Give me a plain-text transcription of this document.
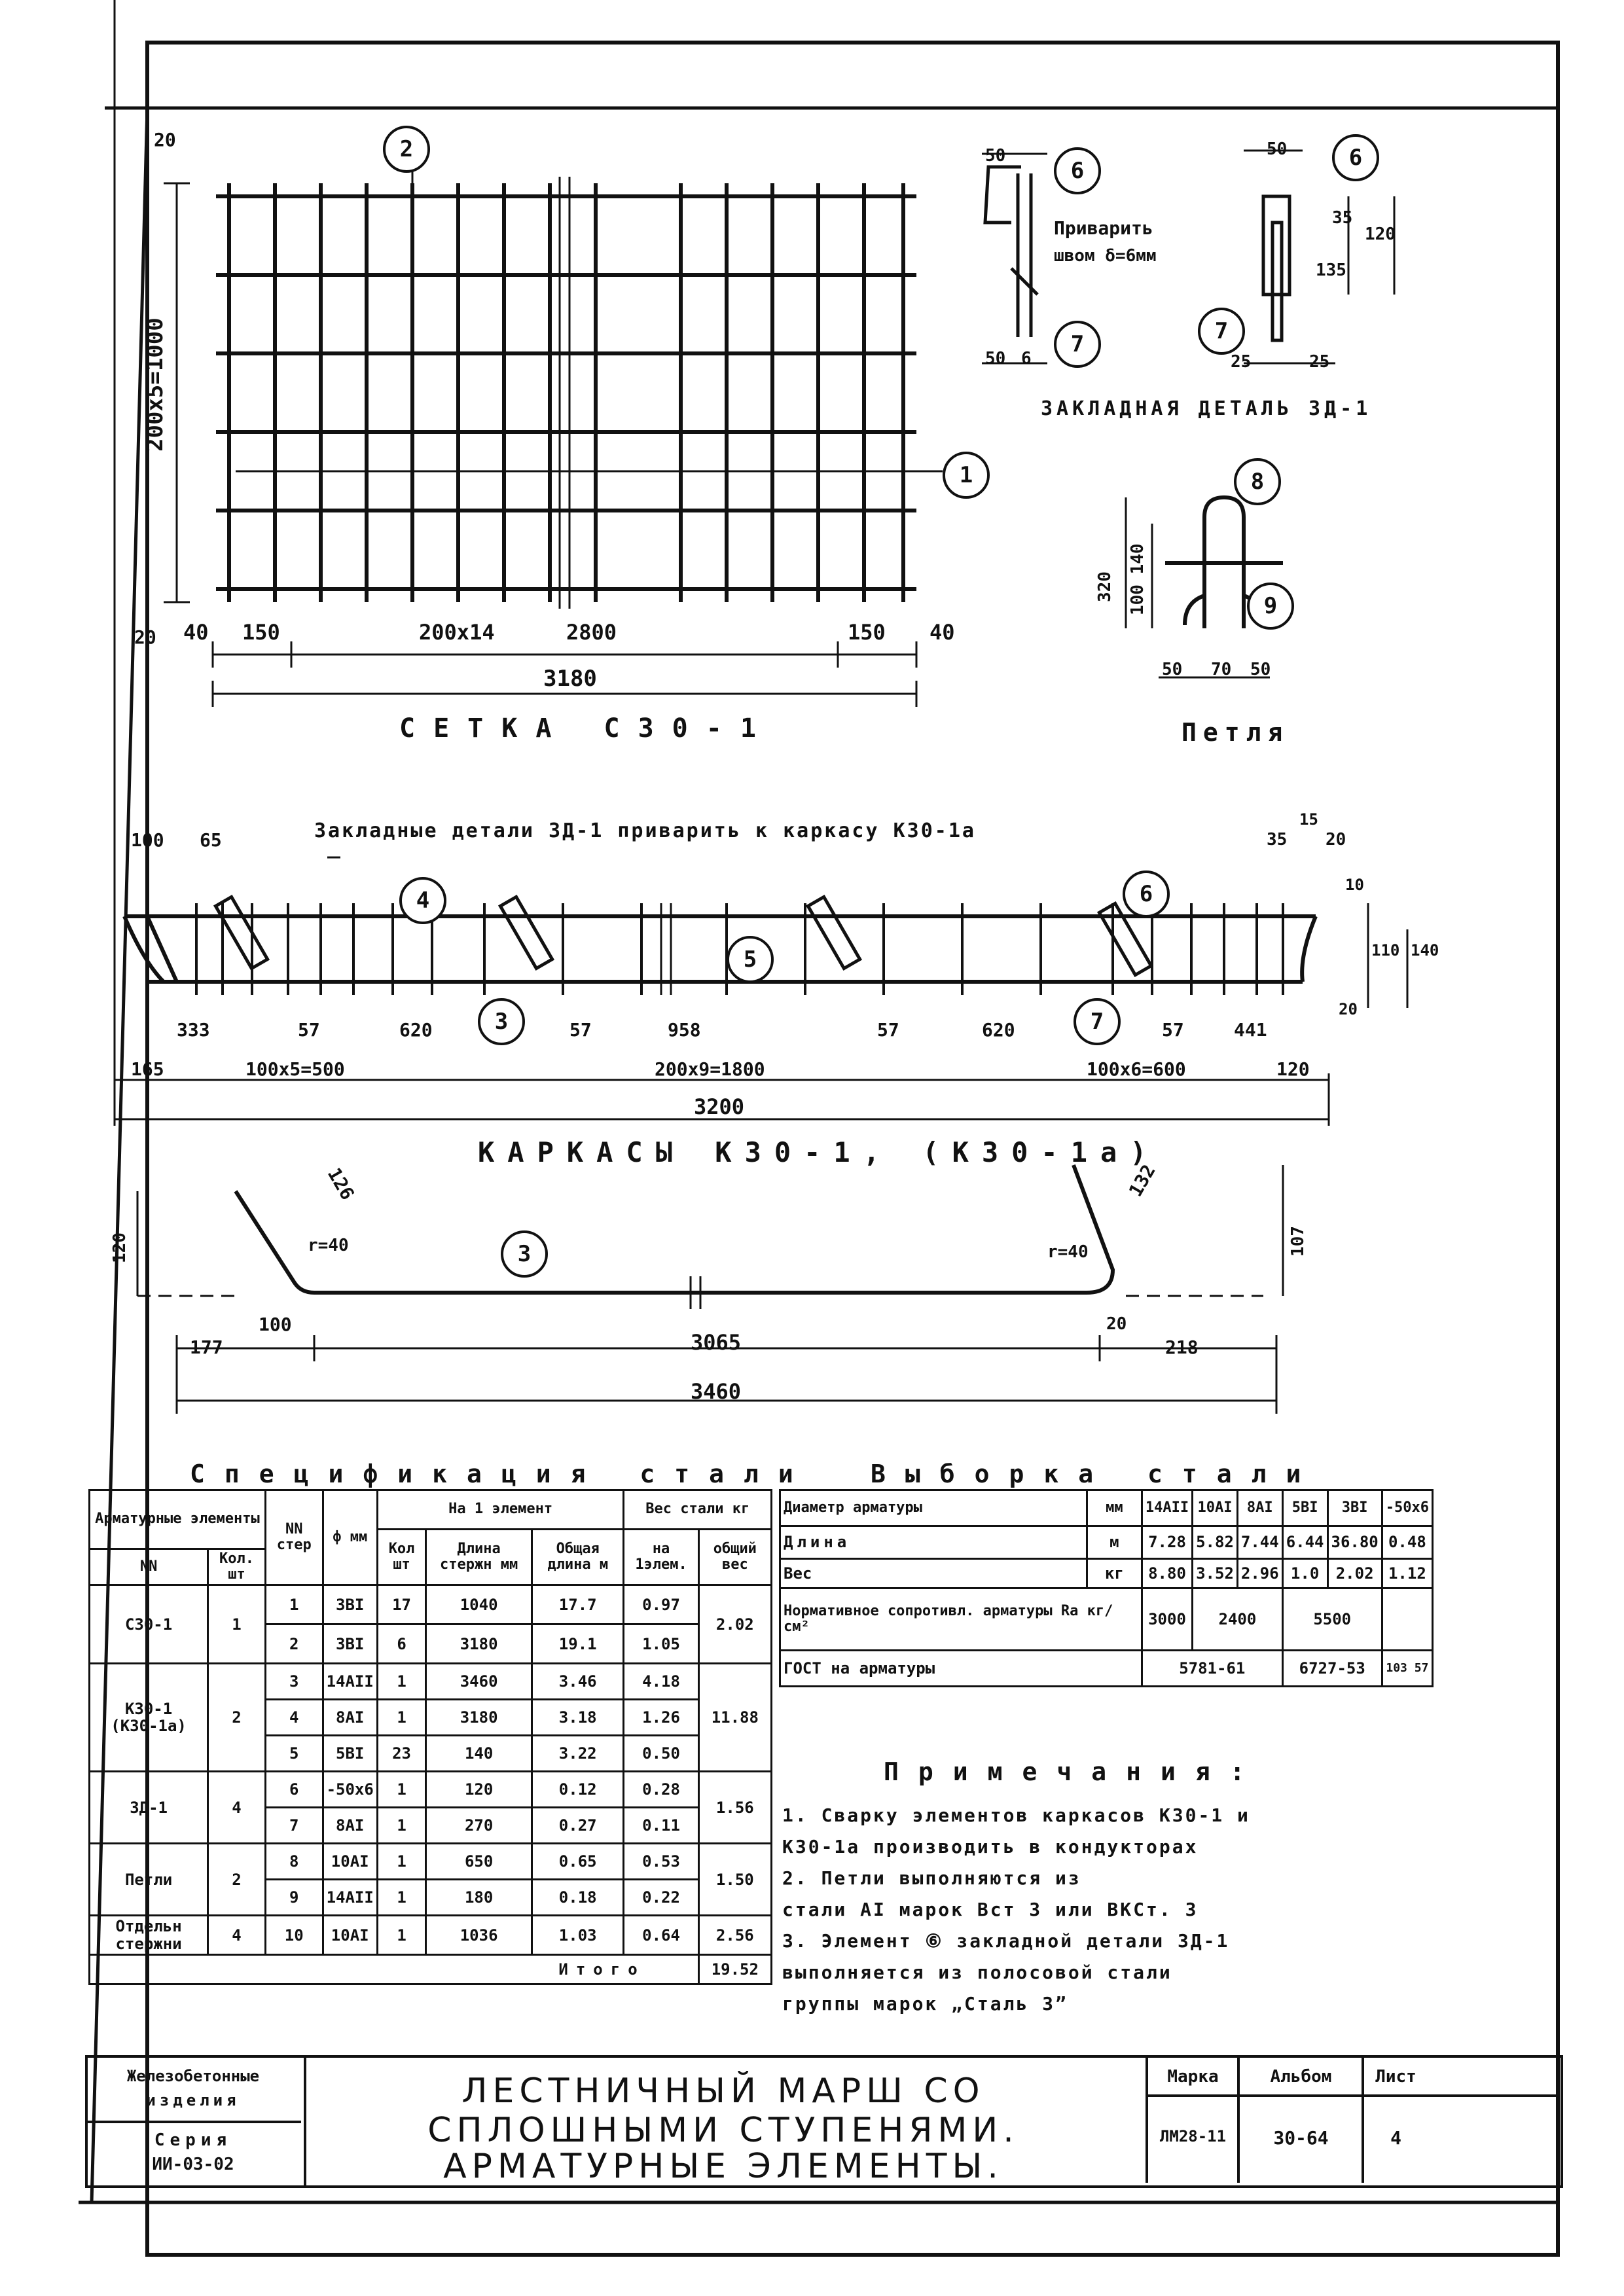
2
1
200х5=1000
20
20
40 150	200х14	2800	150 40
3180
СЕТКА С30-1
50
6
Приварить
швом δ=6мм
7
50 6
50	6
35
135
120
7
25	25
ЗАКЛАДНАЯ ДЕТАЛЬ ЗД-1
8
9
320 100 140
50 70 50
Петля
Закладные детали ЗД-1 приварить к каркасу К30-1а
100 65
15
35 20
10
110 140
20
4
5
6
3	7
333	57	620	57	958	57	620	57	441
165	100х5=500	200х9=1800	100х6=600	120
3200
КАРКАСЫ К30-1, (К30-1а)
3
126
r=40
132
r=40
120	107
100
177	3065
20
218
3460
Спецификация стали
Арматурные элементы		NN стер	ф мм	На 1 элемент			Вес стали кг	
				Кол шт	Длина стержн мм	Общая длина м	на 1элем.	общий вес
NN	Кол. шт							
С30-1	1	1	3ВI	17	1040	17.7	0.97	2.02
		2	3ВI	6	3180	19.1	1.05	
К30-1
(К30-1а)	2	3	14АII	1	3460	3.46	4.18	11.88
		4	8АI	1	3180	3.18	1.26	
		5	5ВI	23	140	3.22	0.50	
ЗД-1	4	6	-50х6	1	120	0.12	0.28	1.56
		7	8АI	1	270	0.27	0.11	
Петли	2	8	10АI	1	650	0.65	0.53	1.50
		9	14АII	1	180	0.18	0.22	
Отдельн стержни	4	10	10АI	1	1036	1.03	0.64	2.56
Итого								19.52
Выборка стали
Диаметр арматуры	мм	14АII	10АI	8АI	5ВI	3ВI	-50х6
Длина	м	7.28	5.82	7.44	6.44	36.80	0.48
Вес	кг	8.80	3.52	2.96	1.0	2.02	1.12
Нормативное сопротивл. арматуры Ra кг/см²		3000	2400		5500		
ГОСТ на арматуры		5781-61			6727-53		103 57
Примечания:
1. Сварку элементов каркасов К30-1 и
К30-1а производить в кондукторах
2. Петли выполняются из
стали АI марок Вст 3 или ВКСт. 3
3. Элемент ⑥ закладной детали ЗД-1
выполняется из полосовой стали
группы марок „Сталь 3”
Железобетонные
изделия
Серия
ИИ-03-02
ЛЕСТНИЧНЫЙ МАРШ СО
СПЛОШНЫМИ СТУПЕНЯМИ.
АРМАТУРНЫЕ ЭЛЕМЕНТЫ.
Марка	Альбом	Лист
ЛМ28-11	30-64	4
